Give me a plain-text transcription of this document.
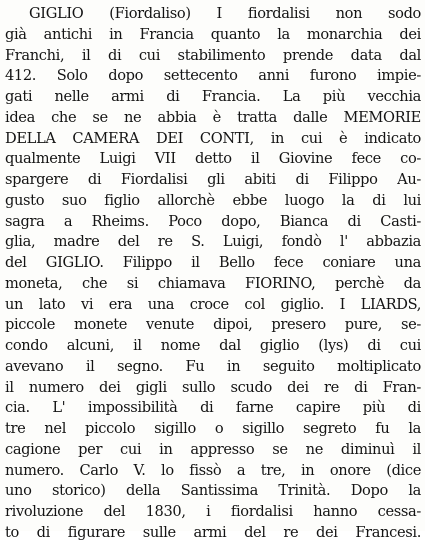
GIGLIO (Fiordaliso) I fiordalisi non sodo
già antichi in Francia quanto la monarchia dei
Franchi, il di cui stabilimento prende data dal
412. Solo dopo settecento anni furono impie-
gati nelle armi di Francia. La più vecchia
idea che se ne abbia è tratta dalle MEMORIE
DELLA CAMERA DEI CONTI, in cui è indicato
qualmente Luigi VII detto il Giovine fece co-
spargere di Fiordalisi gli abiti di Filippo Au-
gusto suo figlio allorchè ebbe luogo la di lui
sagra a Rheims. Poco dopo, Bianca di Casti-
glia, madre del re S. Luigi, fondò l' abbazia
del GIGLIO. Filippo il Bello fece coniare una
moneta, che si chiamava FIORINO, perchè da
un lato vi era una croce col giglio. I LIARDS,
piccole monete venute dipoi, presero pure, se-
condo alcuni, il nome dal giglio (lys) di cui
avevano il segno. Fu in seguito moltiplicato
il numero dei gigli sullo scudo dei re di Fran-
cia. L' impossibilità di farne capire più di
tre nel piccolo sigillo o sigillo segreto fu la
cagione per cui in appresso se ne diminuì il
numero. Carlo V. lo fissò a tre, in onore (dice
uno storico) della Santissima Trinità. Dopo la
rivoluzione del 1830, i fiordalisi hanno cessa-
to di figurare sulle armi del re dei Francesi.
